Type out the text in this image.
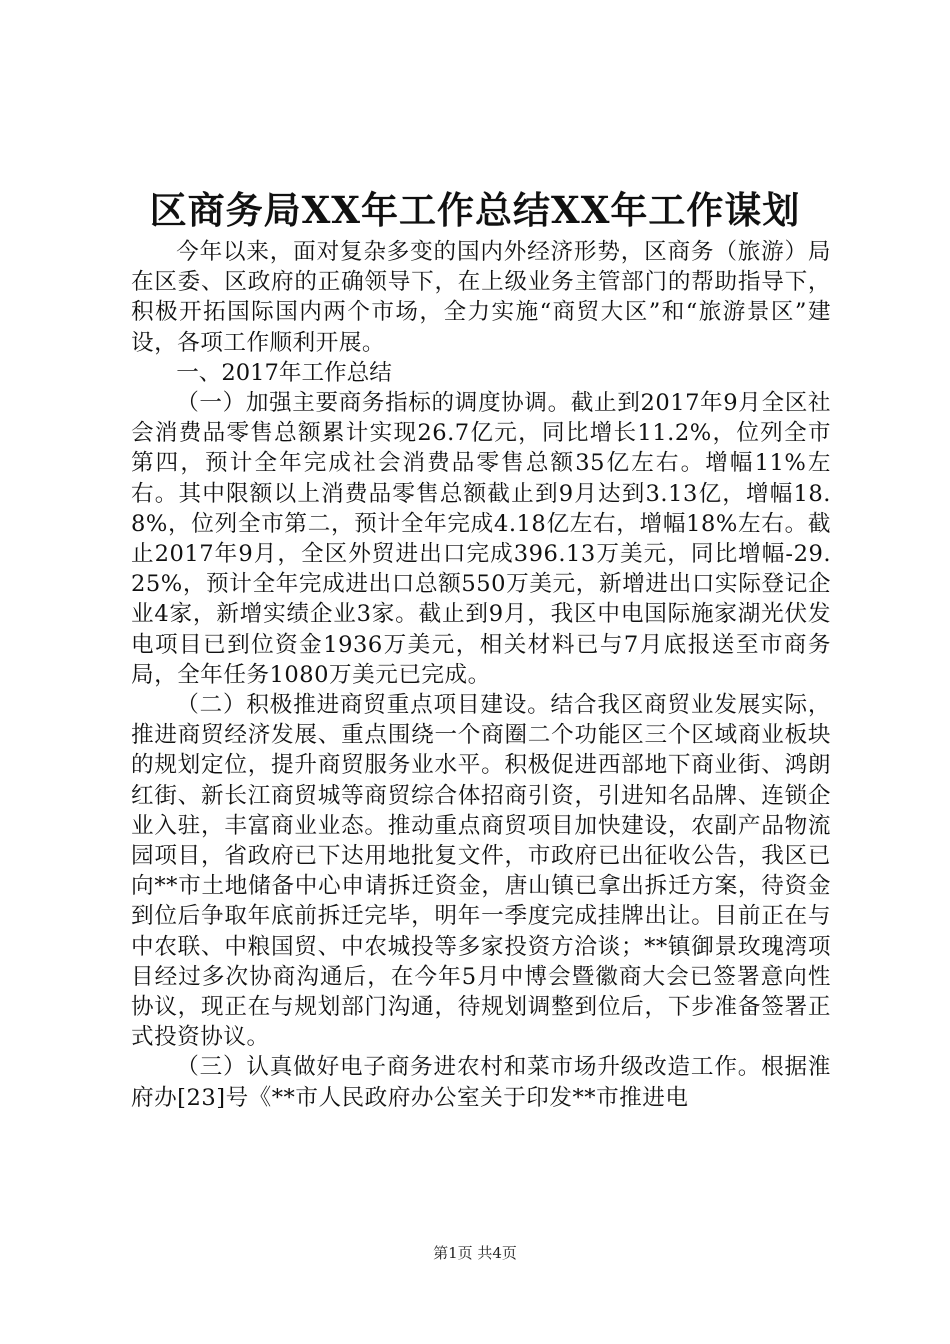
区商务局XX年工作总结XX年工作谋划

今年以来，面对复杂多变的国内外经济形势，区商务（旅游）局在区委、区政府的正确领导下，在上级业务主管部门的帮助指导下，积极开拓国际国内两个市场，全力实施“商贸大区”和“旅游景区”建设，各项工作顺利开展。

一、2017年工作总结

（一）加强主要商务指标的调度协调。截止到2017年9月全区社会消费品零售总额累计实现26.7亿元，同比增长11.2%，位列全市第四，预计全年完成社会消费品零售总额35亿左右。增幅11%左右。其中限额以上消费品零售总额截止到9月达到3.13亿，增幅18.8%，位列全市第二，预计全年完成4.18亿左右，增幅18%左右。截止2017年9月，全区外贸进出口完成396.13万美元，同比增幅-29.25%，预计全年完成进出口总额550万美元，新增进出口实际登记企业4家，新增实绩企业3家。截止到9月，我区中电国际施家湖光伏发电项目已到位资金1936万美元，相关材料已与7月底报送至市商务局，全年任务1080万美元已完成。

（二）积极推进商贸重点项目建设。结合我区商贸业发展实际，推进商贸经济发展、重点围绕一个商圈二个功能区三个区域商业板块的规划定位，提升商贸服务业水平。积极促进西部地下商业街、鸿朗红街、新长江商贸城等商贸综合体招商引资，引进知名品牌、连锁企业入驻，丰富商业业态。推动重点商贸项目加快建设，农副产品物流园项目，省政府已下达用地批复文件，市政府已出征收公告，我区已向**市土地储备中心申请拆迁资金，唐山镇已拿出拆迁方案，待资金到位后争取年底前拆迁完毕，明年一季度完成挂牌出让。目前正在与中农联、中粮国贸、中农城投等多家投资方洽谈；**镇御景玫瑰湾项目经过多次协商沟通后，在今年5月中博会暨徽商大会已签署意向性协议，现正在与规划部门沟通，待规划调整到位后，下步准备签署正式投资协议。

（三）认真做好电子商务进农村和菜市场升级改造工作。根据淮府办[23]号《**市人民政府办公室关于印发**市推进电

第1页 共4页
